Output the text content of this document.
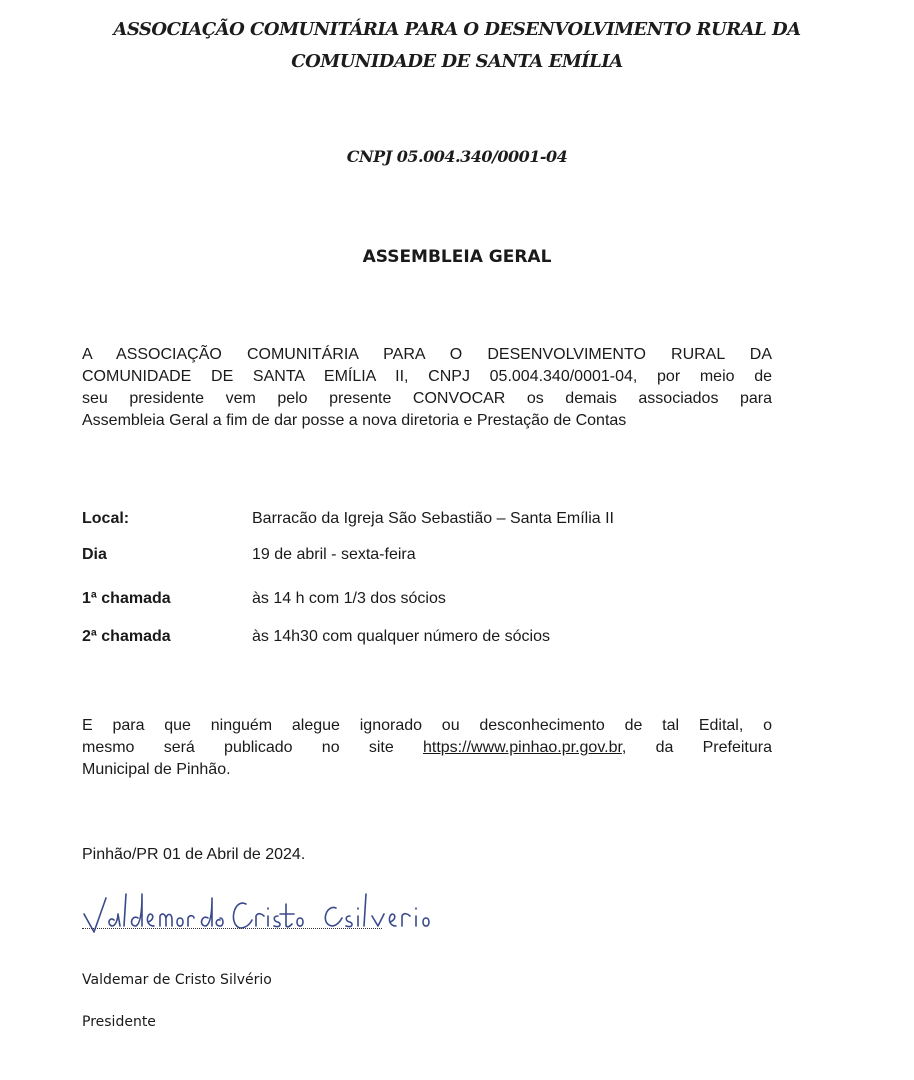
ASSOCIAÇÃO COMUNITÁRIA PARA O DESENVOLVIMENTO RURAL DA
COMUNIDADE DE SANTA EMÍLIA
CNPJ 05.004.340/0001-04
ASSEMBLEIA GERAL
A ASSOCIAÇÃO COMUNITÁRIA PARA O DESENVOLVIMENTO RURAL DA
COMUNIDADE DE SANTA EMÍLIA II, CNPJ 05.004.340/0001-04, por meio de
seu presidente vem pelo presente CONVOCAR os demais associados para
Assembleia Geral a fim de dar posse a nova diretoria e Prestação de Contas
Local:	Barracão da Igreja São Sebastião – Santa Emília II
Dia	19 de abril - sexta-feira
1ª chamada	às 14 h com 1/3 dos sócios
2ª chamada	às 14h30 com qualquer número de sócios
E para que ninguém alegue ignorado ou desconhecimento de tal Edital, o
mesmo será publicado no site https://www.pinhao.pr.gov.br, da Prefeitura
Municipal de Pinhão.
Pinhão/PR 01 de Abril de 2024.
Valdemar de Cristo Silvério
Presidente
